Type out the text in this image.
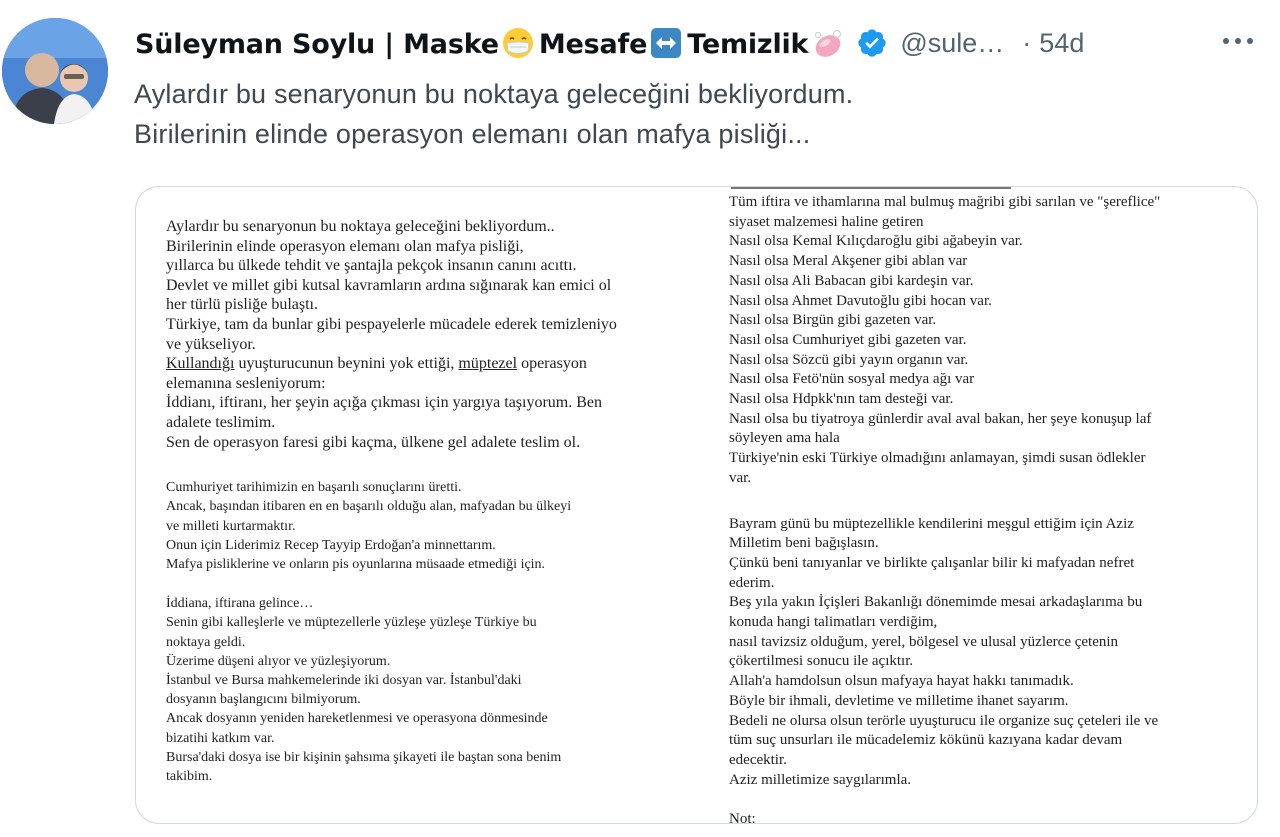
Süleyman Soylu | Maske Mesafe Temizlik	@sule… · 54d
Aylardır bu senaryonun bu noktaya geleceğini bekliyordum.
Birilerinin elinde operasyon elemanı olan mafya pisliği...
Aylardır bu senaryonun bu noktaya geleceğini bekliyordum..
Birilerinin elinde operasyon elemanı olan mafya pisliği,
yıllarca bu ülkede tehdit ve şantajla pekçok insanın canını acıttı.
Devlet ve millet gibi kutsal kavramların ardına sığınarak kan emici ol
her türlü pisliğe bulaştı.
Türkiye, tam da bunlar gibi pespayelerle mücadele ederek temizleniyo
ve yükseliyor.
Kullandığı uyuşturucunun beynini yok ettiği, müptezel operasyon
elemanına sesleniyorum:
İddianı, iftiranı, her şeyin açığa çıkması için yargıya taşıyorum. Ben
adalete teslimim.
Sen de operasyon faresi gibi kaçma, ülkene gel adalete teslim ol.
Cumhuriyet tarihimizin en başarılı sonuçlarını üretti.
Ancak, başından itibaren en en başarılı olduğu alan, mafyadan bu ülkeyi
ve milleti kurtarmaktır.
Onun için Liderimiz Recep Tayyip Erdoğan'a minnettarım.
Mafya pisliklerine ve onların pis oyunlarına müsaade etmediği için.
İddiana, iftirana gelince…
Senin gibi kalleşlerle ve müptezellerle yüzleşe yüzleşe Türkiye bu
noktaya geldi.
Üzerime düşeni alıyor ve yüzleşiyorum.
İstanbul ve Bursa mahkemelerinde iki dosyan var. İstanbul'daki
dosyanın başlangıcını bilmiyorum.
Ancak dosyanın yeniden hareketlenmesi ve operasyona dönmesinde
bizatihi katkım var.
Bursa'daki dosya ise bir kişinin şahsıma şikayeti ile baştan sona benim
takibim.
Tüm iftira ve ithamlarına mal bulmuş mağribi gibi sarılan ve "şereflice"
siyaset malzemesi haline getiren
Nasıl olsa Kemal Kılıçdaroğlu gibi ağabeyin var.
Nasıl olsa Meral Akşener gibi ablan var
Nasıl olsa Ali Babacan gibi kardeşin var.
Nasıl olsa Ahmet Davutoğlu gibi hocan var.
Nasıl olsa Birgün gibi gazeten var.
Nasıl olsa Cumhuriyet gibi gazeten var.
Nasıl olsa Sözcü gibi yayın organın var.
Nasıl olsa Fetö'nün sosyal medya ağı var
Nasıl olsa Hdpkk'nın tam desteği var.
Nasıl olsa bu tiyatroya günlerdir aval aval bakan, her şeye konuşup laf
söyleyen ama hala
Türkiye'nin eski Türkiye olmadığını anlamayan, şimdi susan ödlekler
var.
Bayram günü bu müptezellikle kendilerini meşgul ettiğim için Aziz
Milletim beni bağışlasın.
Çünkü beni tanıyanlar ve birlikte çalışanlar bilir ki mafyadan nefret
ederim.
Beş yıla yakın İçişleri Bakanlığı dönemimde mesai arkadaşlarıma bu
konuda hangi talimatları verdiğim,
nasıl tavizsiz olduğum, yerel, bölgesel ve ulusal yüzlerce çetenin
çökertilmesi sonucu ile açıktır.
Allah'a hamdolsun olsun mafyaya hayat hakkı tanımadık.
Böyle bir ihmali, devletime ve milletime ihanet sayarım.
Bedeli ne olursa olsun terörle uyuşturucu ile organize suç çeteleri ile ve
tüm suç unsurları ile mücadelemiz kökünü kazıyana kadar devam
edecektir.
Aziz milletimize saygılarımla.
Not:
